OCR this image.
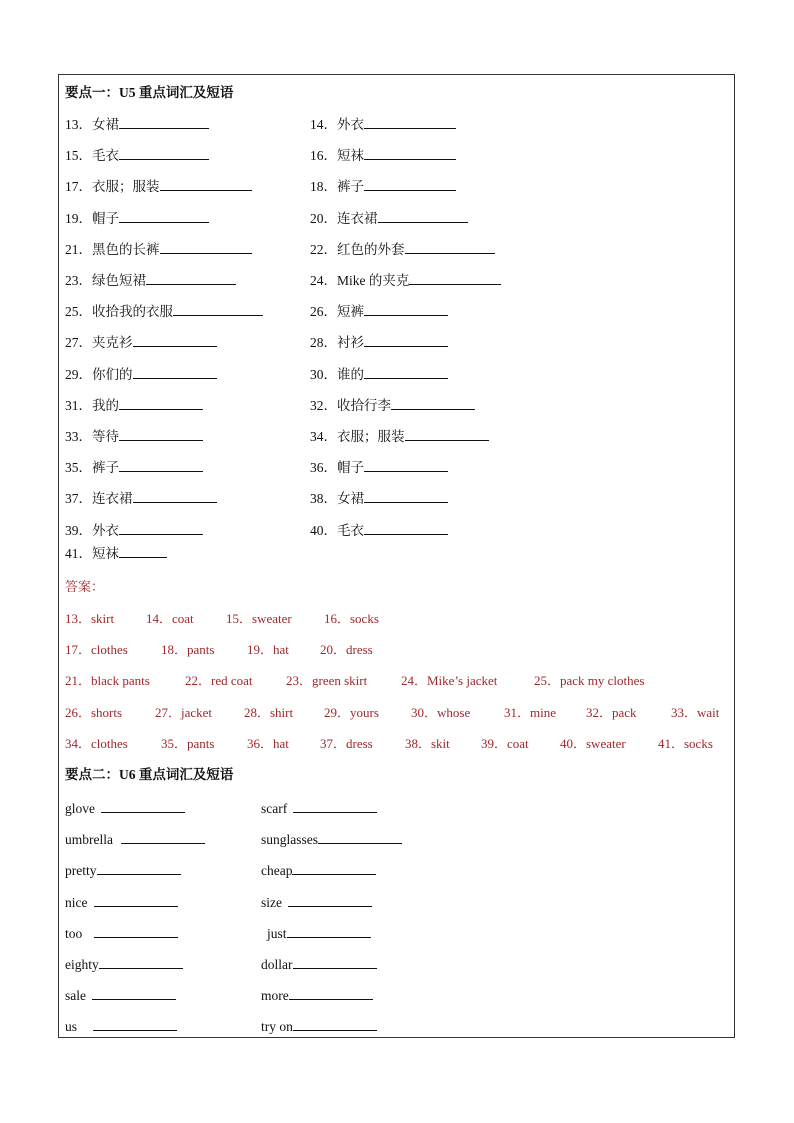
要点一：U5 重点词汇及短语
13．女裙	14．外衣
15．毛衣	16．短袜
17．衣服；服装	18．裤子
19．帽子	20．连衣裙
21．黑色的长裤	22．红色的外套
23．绿色短裙	24．Mike 的夹克
25．收拾我的衣服	26．短裤
27．夹克衫	28．衬衫
29．你们的	30．谁的
31．我的	32．收拾行李
33．等待	34．衣服；服装
35．裤子	36．帽子
37．连衣裙	38．女裙
39．外衣	40．毛衣
41．短袜
答案：
13．skirt 14．coat 15．sweater 16．socks
17．clothes	18．pants	19．hat 20．dress
21．black pants	22．red coat	23．green skirt	24．Mike’s jacket	25．pack my clothes
26．shorts	27．jacket 28．shirt 29．yours 30．whose	31．mine 32．pack	33．wait
34．clothes	35．pants	36．hat 37．dress 38．skit 39．coat 40．sweater 41．socks
要点二：U6 重点词汇及短语
glove	scarf
umbrella	sunglasses
pretty	cheap
nice	size
too	just
eighty	dollar
sale	more
us	try on
